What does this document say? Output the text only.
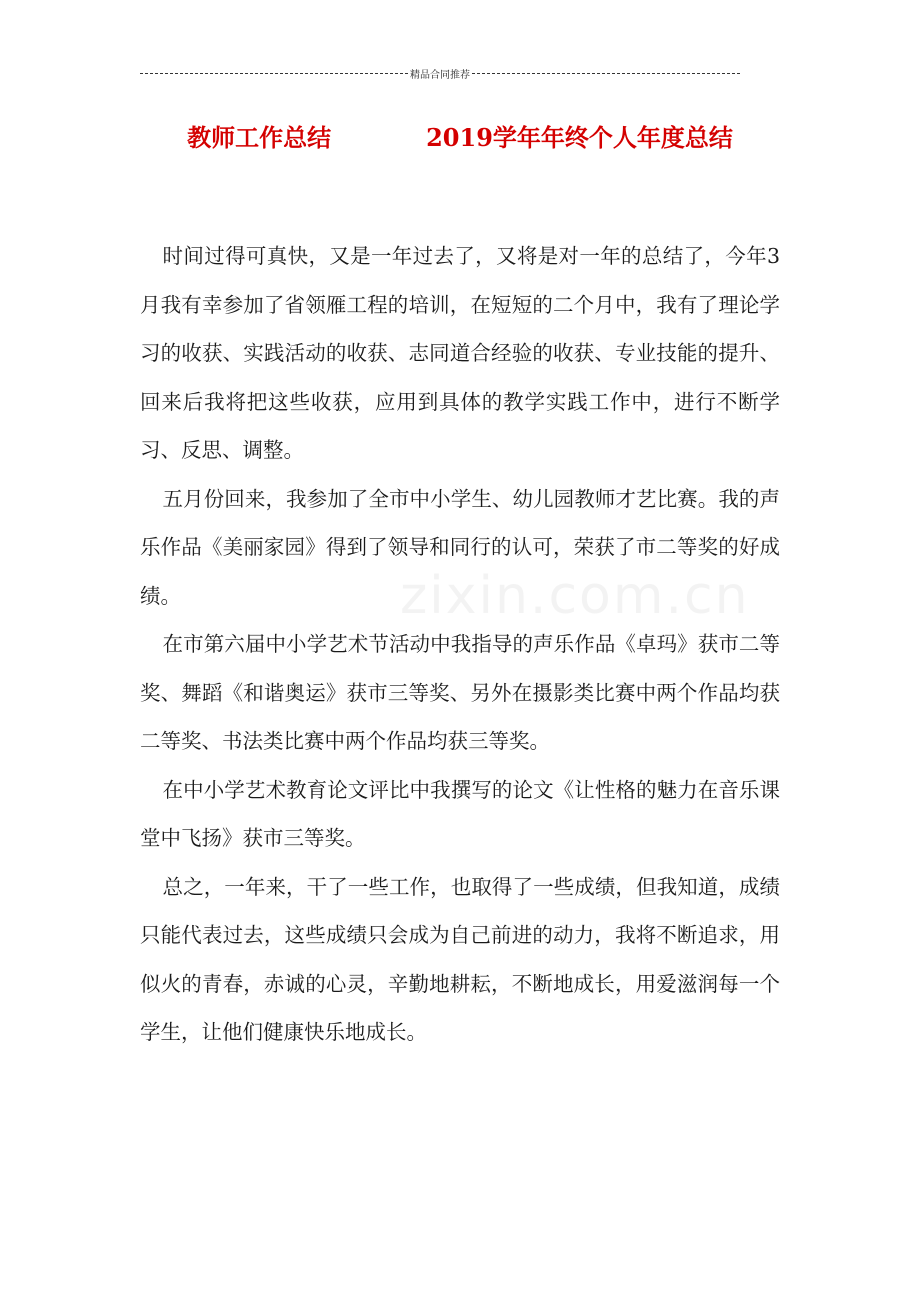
精品合同推荐
教师工作总结	2019学年年终个人年度总结
zixin.com.cn

时间过得可真快，又是一年过去了，又将是对一年的总结了，今年3月我有幸参加了省领雁工程的培训，在短短的二个月中，我有了理论学习的收获、实践活动的收获、志同道合经验的收获、专业技能的提升、回来后我将把这些收获，应用到具体的教学实践工作中，进行不断学习、反思、调整。

五月份回来，我参加了全市中小学生、幼儿园教师才艺比赛。我的声乐作品《美丽家园》得到了领导和同行的认可，荣获了市二等奖的好成绩。

在市第六届中小学艺术节活动中我指导的声乐作品《卓玛》获市二等奖、舞蹈《和谐奥运》获市三等奖、另外在摄影类比赛中两个作品均获二等奖、书法类比赛中两个作品均获三等奖。

在中小学艺术教育论文评比中我撰写的论文《让性格的魅力在音乐课堂中飞扬》获市三等奖。

总之，一年来，干了一些工作，也取得了一些成绩，但我知道，成绩只能代表过去，这些成绩只会成为自己前进的动力，我将不断追求，用似火的青春，赤诚的心灵，辛勤地耕耘，不断地成长，用爱滋润每一个学生，让他们健康快乐地成长。
